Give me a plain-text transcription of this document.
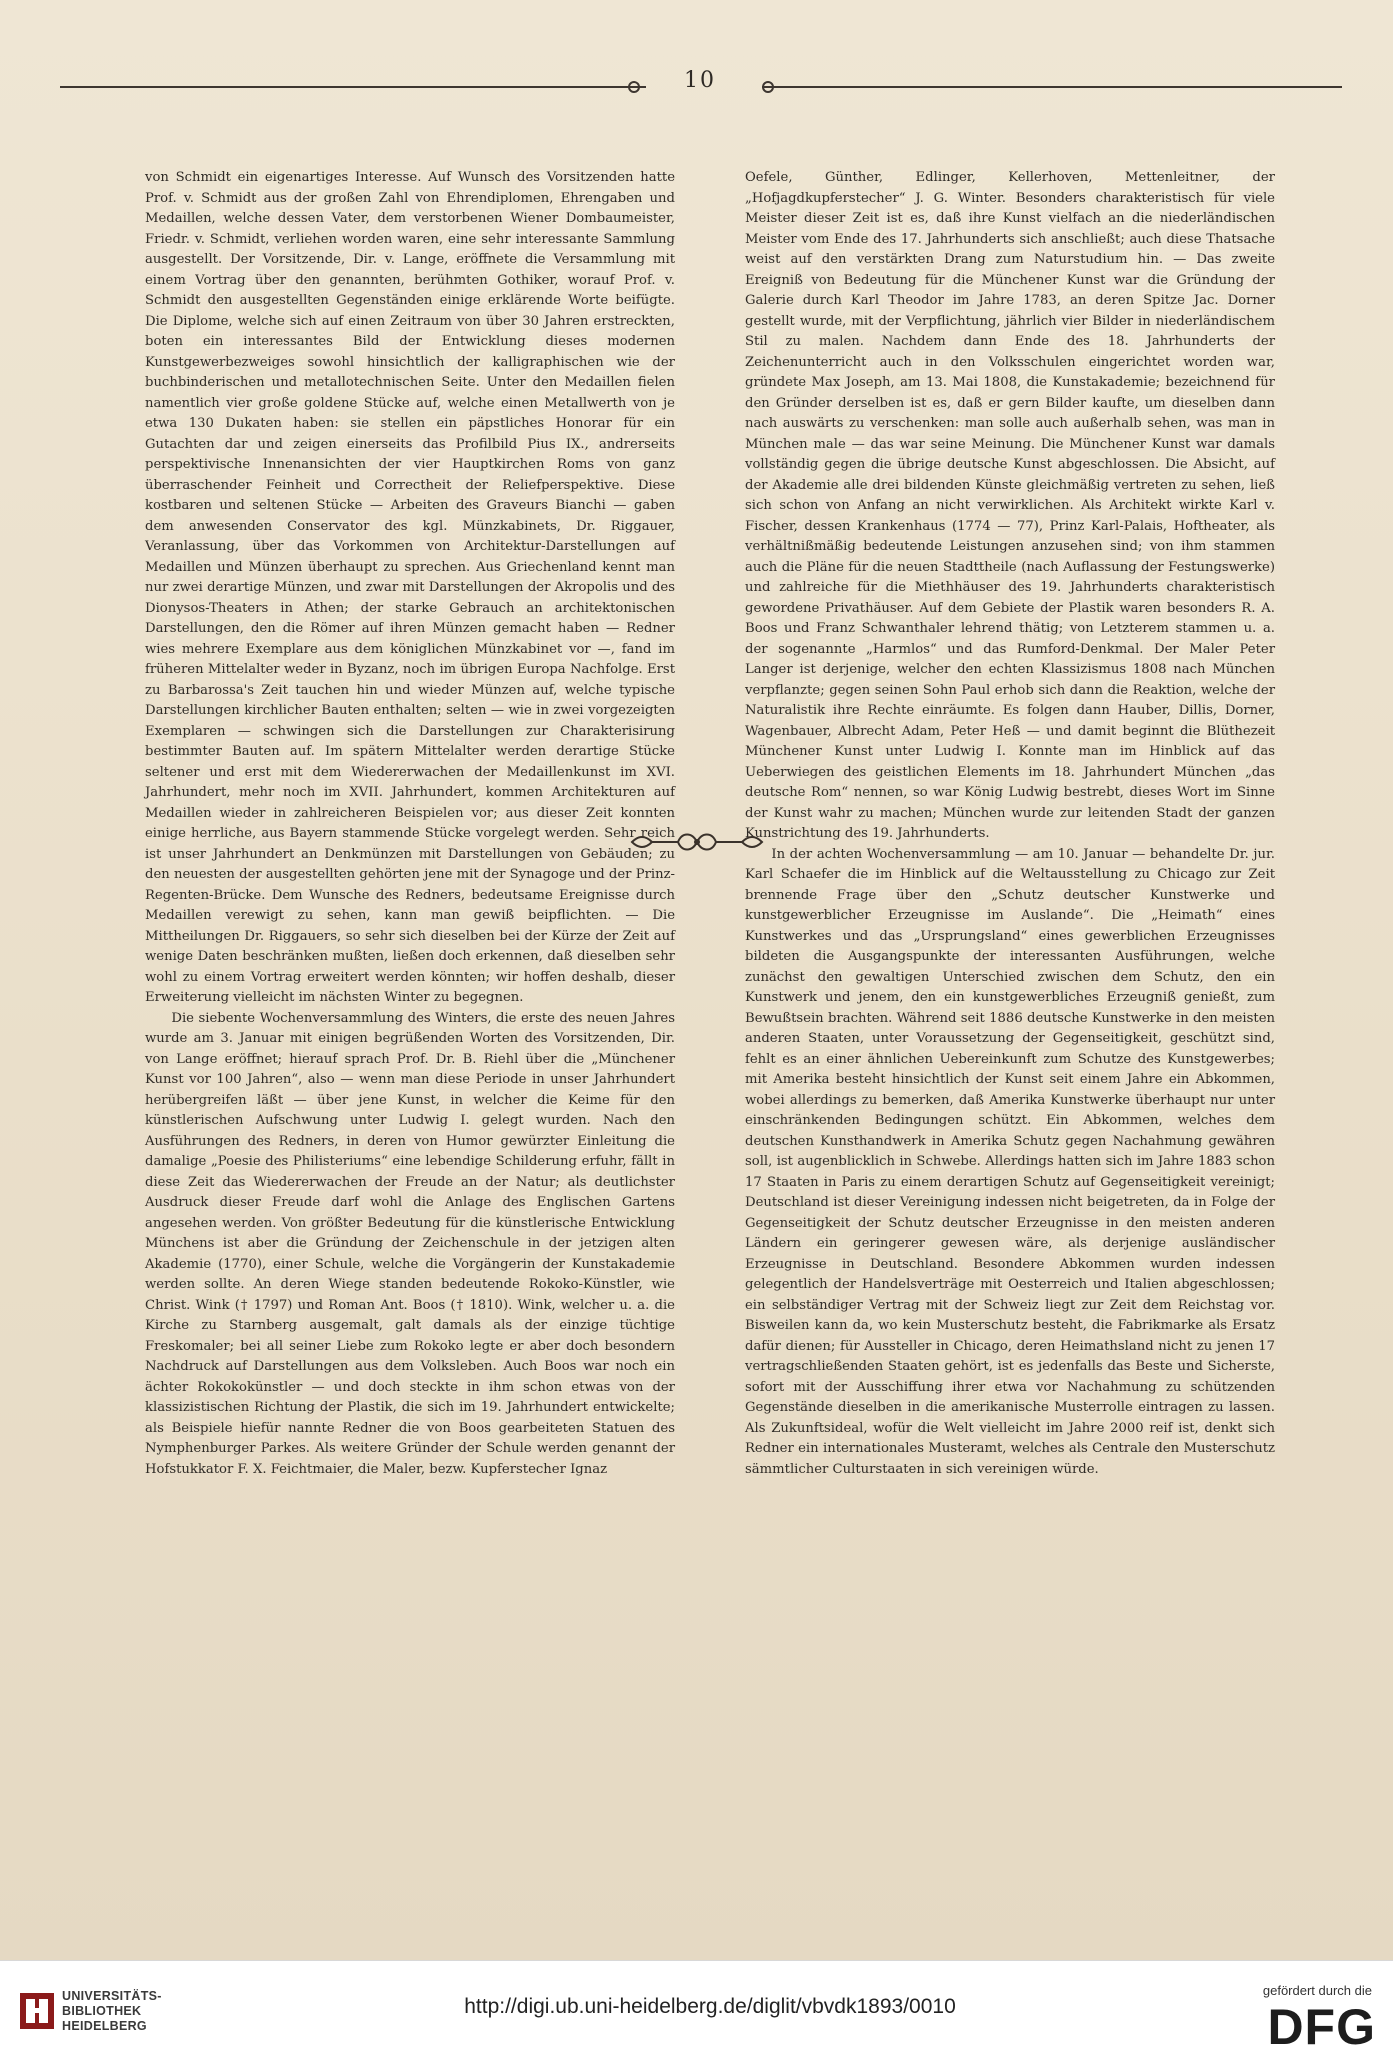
10

von Schmidt ein eigenartiges Interesse. Auf Wunsch des Vorsitzenden hatte Prof. v. Schmidt aus der großen Zahl von Ehrendiplomen, Ehrengaben und Medaillen, welche dessen Vater, dem verstorbenen Wiener Dombaumeister, Friedr. v. Schmidt, verliehen worden waren, eine sehr interessante Sammlung ausgestellt. Der Vorsitzende, Dir. v. Lange, eröffnete die Versammlung mit einem Vortrag über den genannten, berühmten Gothiker, worauf Prof. v. Schmidt den ausgestellten Gegenständen einige erklärende Worte beifügte. Die Diplome, welche sich auf einen Zeitraum von über 30 Jahren erstreckten, boten ein interessantes Bild der Entwicklung dieses modernen Kunstgewerbezweiges sowohl hinsichtlich der kalligraphischen wie der buchbinderischen und metallotechnischen Seite. Unter den Medaillen fielen namentlich vier große goldene Stücke auf, welche einen Metallwerth von je etwa 130 Dukaten haben: sie stellen ein päpstliches Honorar für ein Gutachten dar und zeigen einerseits das Profilbild Pius IX., andrerseits perspektivische Innenansichten der vier Hauptkirchen Roms von ganz überraschender Feinheit und Correctheit der Reliefperspektive. Diese kostbaren und seltenen Stücke — Arbeiten des Graveurs Bianchi — gaben dem anwesenden Conservator des kgl. Münzkabinets, Dr. Riggauer, Veranlassung, über das Vorkommen von Architektur-Darstellungen auf Medaillen und Münzen überhaupt zu sprechen. Aus Griechenland kennt man nur zwei derartige Münzen, und zwar mit Darstellungen der Akropolis und des Dionysos-Theaters in Athen; der starke Gebrauch an architektonischen Darstellungen, den die Römer auf ihren Münzen gemacht haben — Redner wies mehrere Exemplare aus dem königlichen Münzkabinet vor —, fand im früheren Mittelalter weder in Byzanz, noch im übrigen Europa Nachfolge. Erst zu Barbarossa's Zeit tauchen hin und wieder Münzen auf, welche typische Darstellungen kirchlicher Bauten enthalten; selten — wie in zwei vorgezeigten Exemplaren — schwingen sich die Darstellungen zur Charakterisirung bestimmter Bauten auf. Im spätern Mittelalter werden derartige Stücke seltener und erst mit dem Wiedererwachen der Medaillenkunst im XVI. Jahrhundert, mehr noch im XVII. Jahrhundert, kommen Architekturen auf Medaillen wieder in zahlreicheren Beispielen vor; aus dieser Zeit konnten einige herrliche, aus Bayern stammende Stücke vorgelegt werden. Sehr reich ist unser Jahrhundert an Denkmünzen mit Darstellungen von Gebäuden; zu den neuesten der ausgestellten gehörten jene mit der Synagoge und der Prinz-Regenten-Brücke. Dem Wunsche des Redners, bedeutsame Ereignisse durch Medaillen verewigt zu sehen, kann man gewiß beipflichten. — Die Mittheilungen Dr. Riggauers, so sehr sich dieselben bei der Kürze der Zeit auf wenige Daten beschränken mußten, ließen doch erkennen, daß dieselben sehr wohl zu einem Vortrag erweitert werden könnten; wir hoffen deshalb, dieser Erweiterung vielleicht im nächsten Winter zu begegnen.

Die siebente Wochenversammlung des Winters, die erste des neuen Jahres wurde am 3. Januar mit einigen begrüßenden Worten des Vorsitzenden, Dir. von Lange eröffnet; hierauf sprach Prof. Dr. B. Riehl über die „Münchener Kunst vor 100 Jahren“, also — wenn man diese Periode in unser Jahrhundert herübergreifen läßt — über jene Kunst, in welcher die Keime für den künstlerischen Aufschwung unter Ludwig I. gelegt wurden. Nach den Ausführungen des Redners, in deren von Humor gewürzter Einleitung die damalige „Poesie des Philisteriums“ eine lebendige Schilderung erfuhr, fällt in diese Zeit das Wiedererwachen der Freude an der Natur; als deutlichster Ausdruck dieser Freude darf wohl die Anlage des Englischen Gartens angesehen werden. Von größter Bedeutung für die künstlerische Entwicklung Münchens ist aber die Gründung der Zeichenschule in der jetzigen alten Akademie (1770), einer Schule, welche die Vorgängerin der Kunstakademie werden sollte. An deren Wiege standen bedeutende Rokoko-Künstler, wie Christ. Wink († 1797) und Roman Ant. Boos († 1810). Wink, welcher u. a. die Kirche zu Starnberg ausgemalt, galt damals als der einzige tüchtige Freskomaler; bei all seiner Liebe zum Rokoko legte er aber doch besondern Nachdruck auf Darstellungen aus dem Volksleben. Auch Boos war noch ein ächter Rokokokünstler — und doch steckte in ihm schon etwas von der klassizistischen Richtung der Plastik, die sich im 19. Jahrhundert entwickelte; als Beispiele hiefür nannte Redner die von Boos gearbeiteten Statuen des Nymphenburger Parkes. Als weitere Gründer der Schule werden genannt der Hofstukkator F. X. Feichtmaier, die Maler, bezw. Kupferstecher Ignaz

Oefele, Günther, Edlinger, Kellerhoven, Mettenleitner, der „Hofjagdkupferstecher“ J. G. Winter. Besonders charakteristisch für viele Meister dieser Zeit ist es, daß ihre Kunst vielfach an die niederländischen Meister vom Ende des 17. Jahrhunderts sich anschließt; auch diese Thatsache weist auf den verstärkten Drang zum Naturstudium hin. — Das zweite Ereigniß von Bedeutung für die Münchener Kunst war die Gründung der Galerie durch Karl Theodor im Jahre 1783, an deren Spitze Jac. Dorner gestellt wurde, mit der Verpflichtung, jährlich vier Bilder in niederländischem Stil zu malen. Nachdem dann Ende des 18. Jahrhunderts der Zeichenunterricht auch in den Volksschulen eingerichtet worden war, gründete Max Joseph, am 13. Mai 1808, die Kunstakademie; bezeichnend für den Gründer derselben ist es, daß er gern Bilder kaufte, um dieselben dann nach auswärts zu verschenken: man solle auch außerhalb sehen, was man in München male — das war seine Meinung. Die Münchener Kunst war damals vollständig gegen die übrige deutsche Kunst abgeschlossen. Die Absicht, auf der Akademie alle drei bildenden Künste gleichmäßig vertreten zu sehen, ließ sich schon von Anfang an nicht verwirklichen. Als Architekt wirkte Karl v. Fischer, dessen Krankenhaus (1774 — 77), Prinz Karl-Palais, Hoftheater, als verhältnißmäßig bedeutende Leistungen anzusehen sind; von ihm stammen auch die Pläne für die neuen Stadttheile (nach Auflassung der Festungswerke) und zahlreiche für die Miethhäuser des 19. Jahrhunderts charakteristisch gewordene Privathäuser. Auf dem Gebiete der Plastik waren besonders R. A. Boos und Franz Schwanthaler lehrend thätig; von Letzterem stammen u. a. der sogenannte „Harmlos“ und das Rumford-Denkmal. Der Maler Peter Langer ist derjenige, welcher den echten Klassizismus 1808 nach München verpflanzte; gegen seinen Sohn Paul erhob sich dann die Reaktion, welche der Naturalistik ihre Rechte einräumte. Es folgen dann Hauber, Dillis, Dorner, Wagenbauer, Albrecht Adam, Peter Heß — und damit beginnt die Blüthezeit Münchener Kunst unter Ludwig I. Konnte man im Hinblick auf das Ueberwiegen des geistlichen Elements im 18. Jahrhundert München „das deutsche Rom“ nennen, so war König Ludwig bestrebt, dieses Wort im Sinne der Kunst wahr zu machen; München wurde zur leitenden Stadt der ganzen Kunstrichtung des 19. Jahrhunderts.

In der achten Wochenversammlung — am 10. Januar — behandelte Dr. jur. Karl Schaefer die im Hinblick auf die Weltausstellung zu Chicago zur Zeit brennende Frage über den „Schutz deutscher Kunstwerke und kunstgewerblicher Erzeugnisse im Auslande“. Die „Heimath“ eines Kunstwerkes und das „Ursprungsland“ eines gewerblichen Erzeugnisses bildeten die Ausgangspunkte der interessanten Ausführungen, welche zunächst den gewaltigen Unterschied zwischen dem Schutz, den ein Kunstwerk und jenem, den ein kunstgewerbliches Erzeugniß genießt, zum Bewußtsein brachten. Während seit 1886 deutsche Kunstwerke in den meisten anderen Staaten, unter Voraussetzung der Gegenseitigkeit, geschützt sind, fehlt es an einer ähnlichen Uebereinkunft zum Schutze des Kunstgewerbes; mit Amerika besteht hinsichtlich der Kunst seit einem Jahre ein Abkommen, wobei allerdings zu bemerken, daß Amerika Kunstwerke überhaupt nur unter einschränkenden Bedingungen schützt. Ein Abkommen, welches dem deutschen Kunsthandwerk in Amerika Schutz gegen Nachahmung gewähren soll, ist augenblicklich in Schwebe. Allerdings hatten sich im Jahre 1883 schon 17 Staaten in Paris zu einem derartigen Schutz auf Gegenseitigkeit vereinigt; Deutschland ist dieser Vereinigung indessen nicht beigetreten, da in Folge der Gegenseitigkeit der Schutz deutscher Erzeugnisse in den meisten anderen Ländern ein geringerer gewesen wäre, als derjenige ausländischer Erzeugnisse in Deutschland. Besondere Abkommen wurden indessen gelegentlich der Handelsverträge mit Oesterreich und Italien abgeschlossen; ein selbständiger Vertrag mit der Schweiz liegt zur Zeit dem Reichstag vor. Bisweilen kann da, wo kein Musterschutz besteht, die Fabrikmarke als Ersatz dafür dienen; für Aussteller in Chicago, deren Heimathsland nicht zu jenen 17 vertragschließenden Staaten gehört, ist es jedenfalls das Beste und Sicherste, sofort mit der Ausschiffung ihrer etwa vor Nachahmung zu schützenden Gegenstände dieselben in die amerikanische Musterrolle eintragen zu lassen. Als Zukunftsideal, wofür die Welt vielleicht im Jahre 2000 reif ist, denkt sich Redner ein internationales Musteramt, welches als Centrale den Musterschutz sämmtlicher Culturstaaten in sich vereinigen würde.

UNIVERSITÄTS-
BIBLIOTHEK
HEIDELBERG
http://digi.ub.uni-heidelberg.de/diglit/vbvdk1893/0010
gefördert durch die
DFG
